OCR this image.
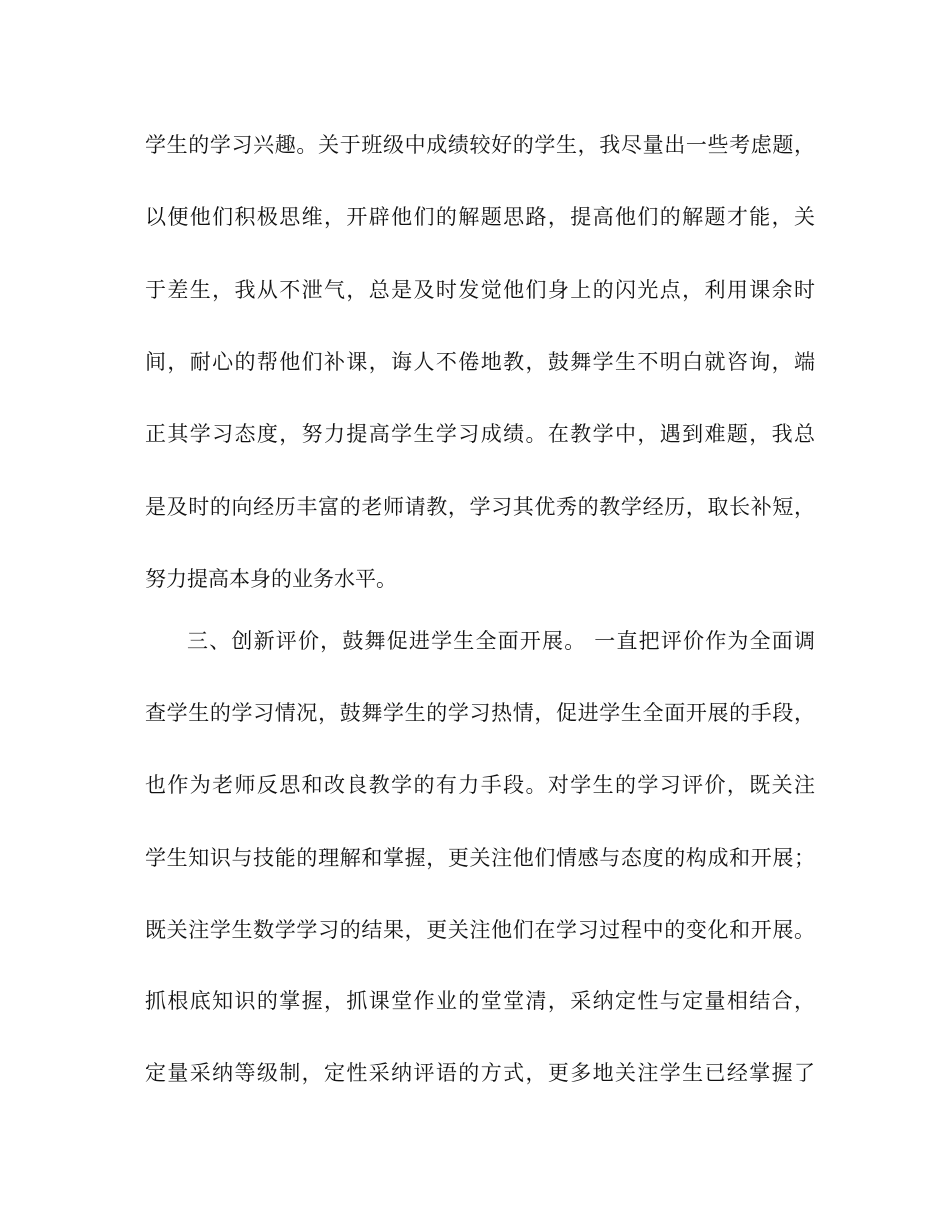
学生的学习兴趣。关于班级中成绩较好的学生，我尽量出一些考虑题，
以便他们积极思维，开辟他们的解题思路，提高他们的解题才能，关
于差生，我从不泄气，总是及时发觉他们身上的闪光点，利用课余时
间，耐心的帮他们补课，诲人不倦地教，鼓舞学生不明白就咨询，端
正其学习态度，努力提高学生学习成绩。在教学中，遇到难题，我总
是及时的向经历丰富的老师请教，学习其优秀的教学经历，取长补短，
努力提高本身的业务水平。
三、创新评价，鼓舞促进学生全面开展。 一直把评价作为全面调
查学生的学习情况，鼓舞学生的学习热情，促进学生全面开展的手段，
也作为老师反思和改良教学的有力手段。对学生的学习评价，既关注
学生知识与技能的理解和掌握，更关注他们情感与态度的构成和开展；
既关注学生数学学习的结果，更关注他们在学习过程中的变化和开展。
抓根底知识的掌握，抓课堂作业的堂堂清，采纳定性与定量相结合，
定量采纳等级制，定性采纳评语的方式，更多地关注学生已经掌握了
